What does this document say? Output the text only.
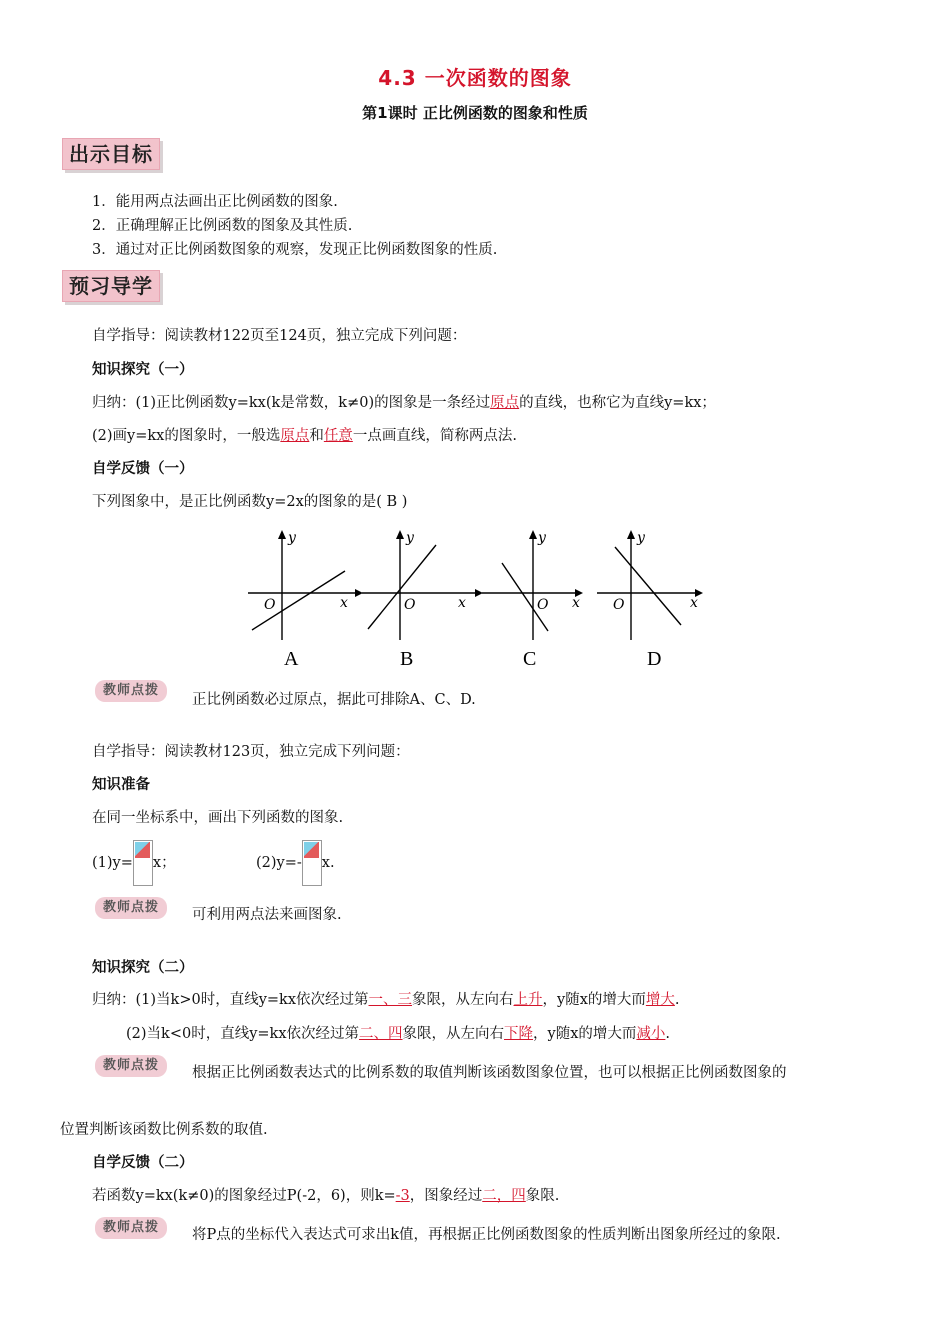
4.3 一次函数的图象
第1课时 正比例函数的图象和性质
出示目标
1．能用两点法画出正比例函数的图象.
2．正确理解正比例函数的图象及其性质.
3．通过对正比例函数图象的观察，发现正比例函数图象的性质.
预习导学
自学指导：阅读教材122页至124页，独立完成下列问题：
知识探究（一）
归纳：(1)正比例函数y=kx(k是常数，k≠0)的图象是一条经过原点的直线，也称它为直线y=kx；
(2)画y=kx的图象时，一般选原点和任意一点画直线，简称两点法.
自学反馈（一）
下列图象中，是正比例函数y=2x的图象的是( B )
y
x
O
A
y
x
O
B
y
x
O
C
y
x
O
D
教师点拨
正比例函数必过原点，据此可排除A、C、D.
自学指导：阅读教材123页，独立完成下列问题：
知识准备
在同一坐标系中，画出下列函数的图象.
(1)y= x；	(2)y=- x.
教师点拨	可利用两点法来画图象.
知识探究（二）
归纳：(1)当k>0时，直线y=kx依次经过第一、三象限，从左向右上升，y随x的增大而增大.
(2)当k<0时，直线y=kx依次经过第二、四象限，从左向右下降，y随x的增大而减小.
教师点拨	根据正比例函数表达式的比例系数的取值判断该函数图象位置，也可以根据正比例函数图象的
位置判断该函数比例系数的取值.
自学反馈（二）
若函数y=kx(k≠0)的图象经过P(-2，6)，则k=-3，图象经过二，四象限.
教师点拨	将P点的坐标代入表达式可求出k值，再根据正比例函数图象的性质判断出图象所经过的象限.
